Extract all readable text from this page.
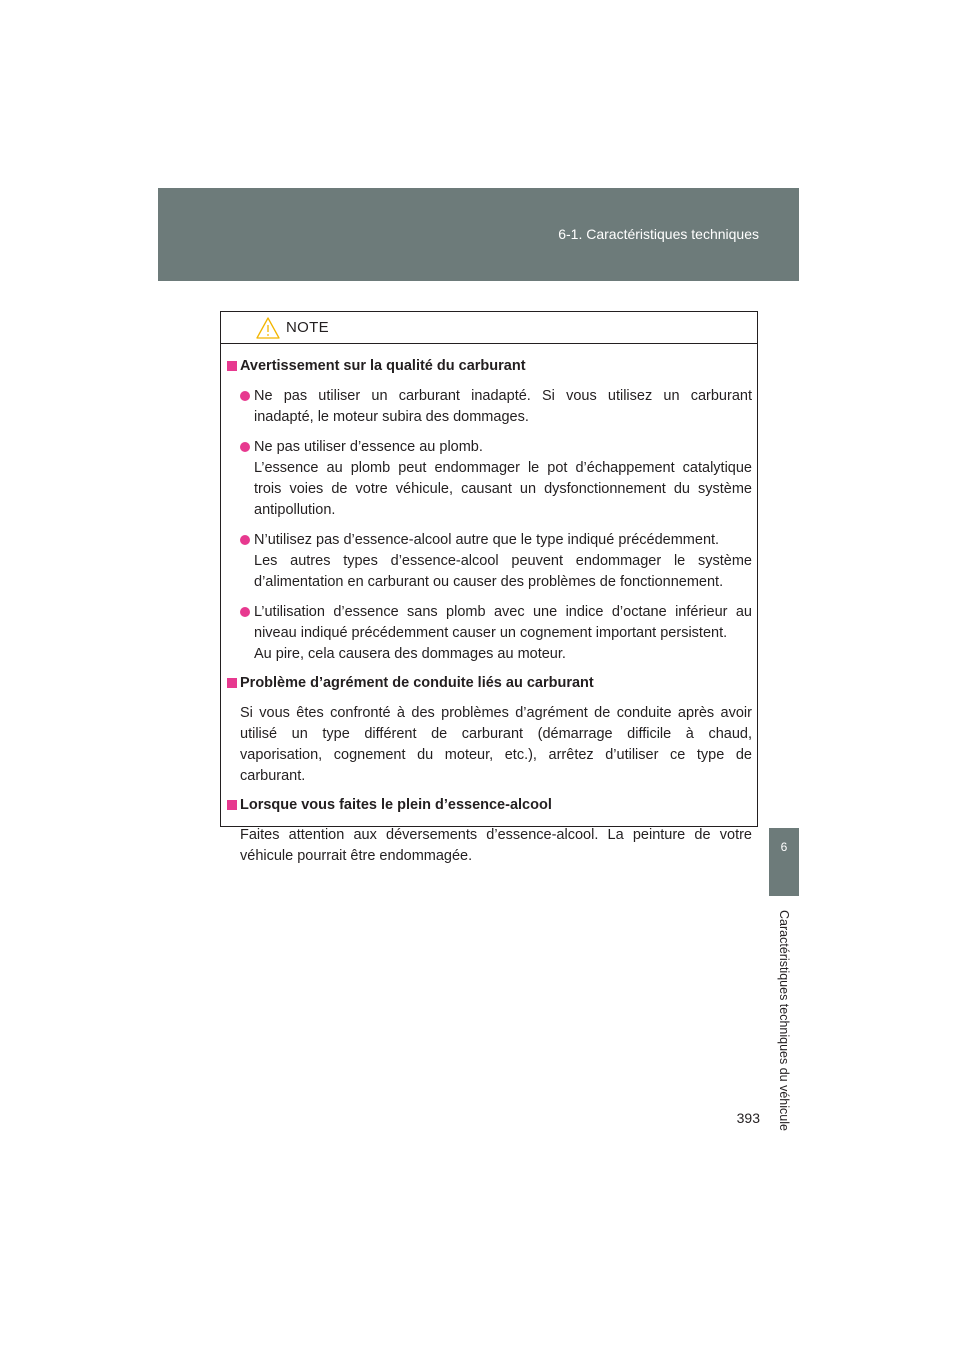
6-1. Caractéristiques techniques
6
Caractéristiques techniques du véhicule
393
NOTE
Avertissement sur la qualité du carburant
Ne pas utiliser un carburant inadapté. Si vous utilisez un carburant
inadapté, le moteur subira des dommages.
Ne pas utiliser d’essence au plomb.
L’essence au plomb peut endommager le pot d’échappement catalytique
trois voies de votre véhicule, causant un dysfonctionnement du système
antipollution.
N’utilisez pas d’essence-alcool autre que le type indiqué précédemment.
Les autres types d’essence-alcool peuvent endommager le système
d’alimentation en carburant ou causer des problèmes de fonctionnement.
L’utilisation d’essence sans plomb avec une indice d’octane inférieur au
niveau indiqué précédemment causer un cognement important persistent.
Au pire, cela causera des dommages au moteur.
Problème d’agrément de conduite liés au carburant
Si vous êtes confronté à des problèmes d’agrément de conduite après avoir
utilisé un type différent de carburant (démarrage difficile à chaud,
vaporisation, cognement du moteur, etc.), arrêtez d’utiliser ce type de
carburant.
Lorsque vous faites le plein d’essence-alcool
Faites attention aux déversements d’essence-alcool. La peinture de votre
véhicule pourrait être endommagée.
